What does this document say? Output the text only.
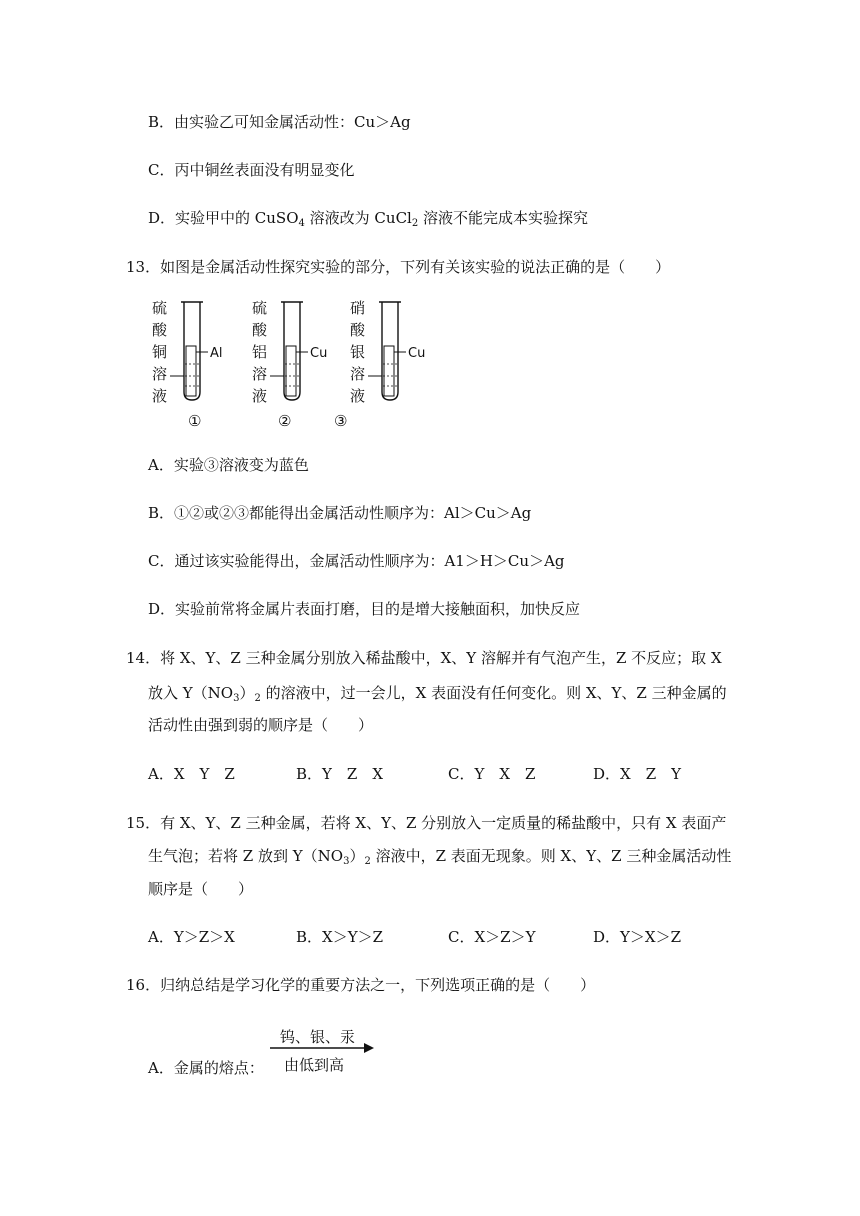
B．由实验乙可知金属活动性：Cu＞Ag
C．丙中铜丝表面没有明显变化
D．实验甲中的 CuSO$_4$ 溶液改为 CuCl$_2$ 溶液不能完成本实验探究
13．如图是金属活动性探究实验的部分，下列有关该实验的说法正确的是（　　）
硫
酸
铜
溶
液
Al
①
硫
酸
铝
溶
液
Cu
②
硝
酸
银
溶
液
Cu
③
A．实验③溶液变为蓝色
B．①②或②③都能得出金属活动性顺序为：Al＞Cu＞Ag
C．通过该实验能得出，金属活动性顺序为：A1＞H＞Cu＞Ag
D．实验前常将金属片表面打磨，目的是增大接触面积，加快反应
14．将 X、Y、Z 三种金属分别放入稀盐酸中，X、Y 溶解并有气泡产生，Z 不反应；取 X
放入 $Y(NO_3)_2$ 的溶液中，过一会儿，X 表面没有任何变化。则 X、Y、Z 三种金属的
活动性由强到弱的顺序是（　　）
A．X　Y　Z	B．Y　Z　X	C．Y　X　Z	D．X　Z　Y
15．有 X、Y、Z 三种金属，若将 X、Y、Z 分别放入一定质量的稀盐酸中，只有 X 表面产
生气泡；若将 Z 放到 $Y(NO_3)_2$ 溶液中，Z 表面无现象。则 X、Y、Z 三种金属活动性
顺序是（　　）
A．Y＞Z＞X	B．X＞Y＞Z	C．X＞Z＞Y	D．Y＞X＞Z
16．归纳总结是学习化学的重要方法之一，下列选项正确的是（　　）
A．金属的熔点：
钨、银、汞
由低到高
